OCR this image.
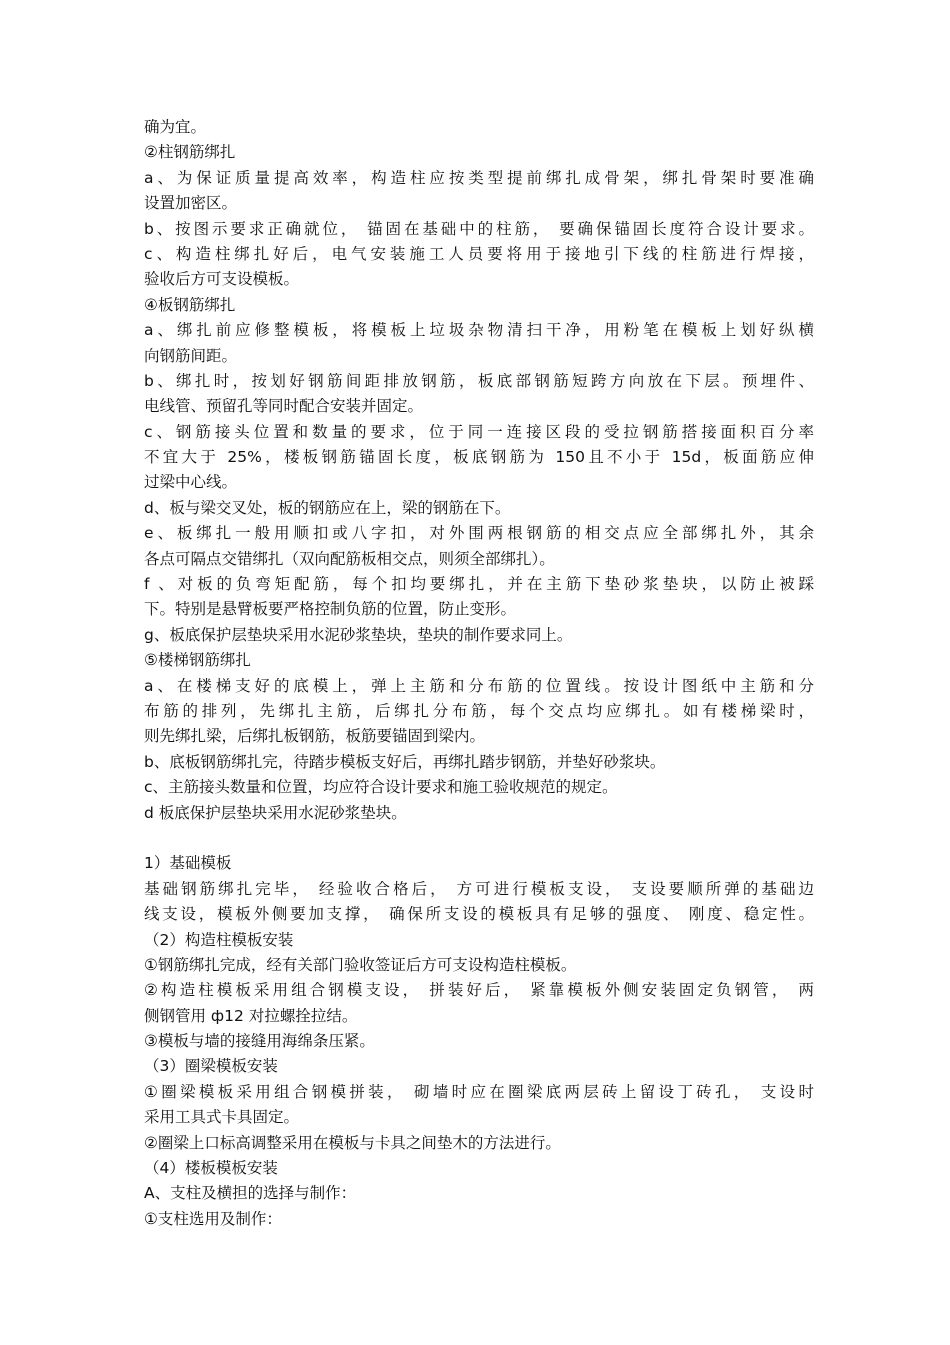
确为宜。
②柱钢筋绑扎
a、为保证质量提高效率，构造柱应按类型提前绑扎成骨架，绑扎骨架时要准确
设置加密区。
b、按图示要求正确就位， 锚固在基础中的柱筋， 要确保锚固长度符合设计要求。
c、构造柱绑扎好后，电气安装施工人员要将用于接地引下线的柱筋进行焊接，
验收后方可支设模板。
④板钢筋绑扎
a、绑扎前应修整模板，将模板上垃圾杂物清扫干净，用粉笔在模板上划好纵横
向钢筋间距。
b、绑扎时，按划好钢筋间距排放钢筋，板底部钢筋短跨方向放在下层。预埋件、
电线管、预留孔等同时配合安装并固定。
c、钢筋接头位置和数量的要求，位于同一连接区段的受拉钢筋搭接面积百分率
不宜大于 25%，楼板钢筋锚固长度，板底钢筋为 150且不小于 15d，板面筋应伸
过梁中心线。
d、板与梁交叉处，板的钢筋应在上，梁的钢筋在下。
e、板绑扎一般用顺扣或八字扣，对外围两根钢筋的相交点应全部绑扎外，其余
各点可隔点交错绑扎（双向配筋板相交点，则须全部绑扎）。
f 、对板的负弯矩配筋，每个扣均要绑扎，并在主筋下垫砂浆垫块，以防止被踩
下。特别是悬臂板要严格控制负筋的位置，防止变形。
g、板底保护层垫块采用水泥砂浆垫块，垫块的制作要求同上。
⑤楼梯钢筋绑扎
a、在楼梯支好的底模上，弹上主筋和分布筋的位置线。按设计图纸中主筋和分
布筋的排列，先绑扎主筋，后绑扎分布筋，每个交点均应绑扎。如有楼梯梁时，
则先绑扎梁，后绑扎板钢筋，板筋要锚固到梁内。
b、底板钢筋绑扎完，待踏步模板支好后，再绑扎踏步钢筋，并垫好砂浆块。
c、主筋接头数量和位置，均应符合设计要求和施工验收规范的规定。
d 板底保护层垫块采用水泥砂浆垫块。
1）基础模板
基础钢筋绑扎完毕， 经验收合格后， 方可进行模板支设， 支设要顺所弹的基础边
线支设，模板外侧要加支撑， 确保所支设的模板具有足够的强度、 刚度、稳定性。
（2）构造柱模板安装
①钢筋绑扎完成，经有关部门验收签证后方可支设构造柱模板。
②构造柱模板采用组合钢模支设， 拼装好后， 紧靠模板外侧安装固定负钢管， 两
侧钢管用 ф12 对拉螺拴拉结。
③模板与墙的接缝用海绵条压紧。
（3）圈梁模板安装
①圈梁模板采用组合钢模拼装， 砌墙时应在圈梁底两层砖上留设丁砖孔， 支设时
采用工具式卡具固定。
②圈梁上口标高调整采用在模板与卡具之间垫木的方法进行。
（4）楼板模板安装
A、支柱及横担的选择与制作：
①支柱选用及制作：
